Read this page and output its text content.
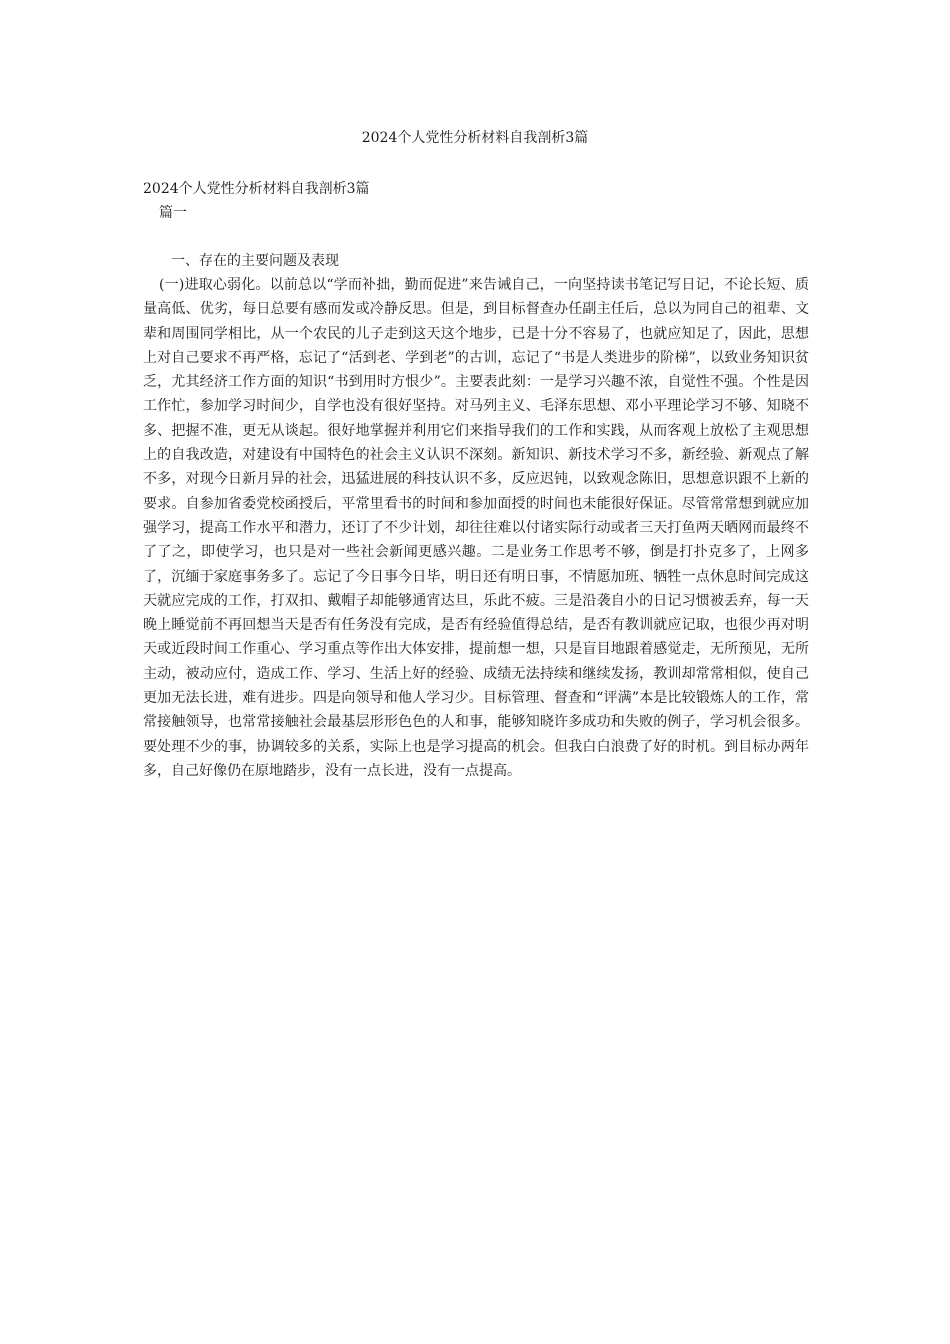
2024个人党性分析材料自我剖析3篇

2024个人党性分析材料自我剖析3篇

篇一

一、存在的主要问题及表现

(一)进取心弱化。以前总以“学而补拙，勤而促进”来告诫自己，一向坚持读书笔记写日记，不论长短、质量高低、优劣，每日总要有感而发或冷静反思。但是，到目标督查办任副主任后，总以为同自己的祖辈、文辈和周围同学相比，从一个农民的儿子走到这天这个地步，已是十分不容易了，也就应知足了，因此，思想上对自己要求不再严格，忘记了“活到老、学到老”的古训，忘记了“书是人类进步的阶梯”，以致业务知识贫乏，尤其经济工作方面的知识“书到用时方恨少”。主要表此刻：一是学习兴趣不浓，自觉性不强。个性是因工作忙，参加学习时间少，自学也没有很好坚持。对马列主义、毛泽东思想、邓小平理论学习不够、知晓不多、把握不准，更无从谈起。很好地掌握并利用它们来指导我们的工作和实践，从而客观上放松了主观思想上的自我改造，对建设有中国特色的社会主义认识不深刻。新知识、新技术学习不多，新经验、新观点了解不多，对现今日新月异的社会，迅猛进展的科技认识不多，反应迟钝，以致观念陈旧，思想意识跟不上新的要求。自参加省委党校函授后，平常里看书的时间和参加面授的时间也未能很好保证。尽管常常想到就应加强学习，提高工作水平和潜力，还订了不少计划，却往往难以付诸实际行动或者三天打鱼两天晒网而最终不了了之，即使学习，也只是对一些社会新闻更感兴趣。二是业务工作思考不够，倒是打扑克多了，上网多了，沉缅于家庭事务多了。忘记了今日事今日毕，明日还有明日事，不情愿加班、牺牲一点休息时间完成这天就应完成的工作，打双扣、戴帽子却能够通宵达旦，乐此不疲。三是沿袭自小的日记习惯被丢弃，每一天晚上睡觉前不再回想当天是否有任务没有完成，是否有经验值得总结，是否有教训就应记取，也很少再对明天或近段时间工作重心、学习重点等作出大体安排，提前想一想，只是盲目地跟着感觉走，无所预见，无所主动，被动应付，造成工作、学习、生活上好的经验、成绩无法持续和继续发扬，教训却常常相似，使自己更加无法长进，难有进步。四是向领导和他人学习少。目标管理、督查和“评满”本是比较锻炼人的工作，常常接触领导，也常常接触社会最基层形形色色的人和事，能够知晓许多成功和失败的例子，学习机会很多。要处理不少的事，协调较多的关系，实际上也是学习提高的机会。但我白白浪费了好的时机。到目标办两年多，自己好像仍在原地踏步，没有一点长进，没有一点提高。
